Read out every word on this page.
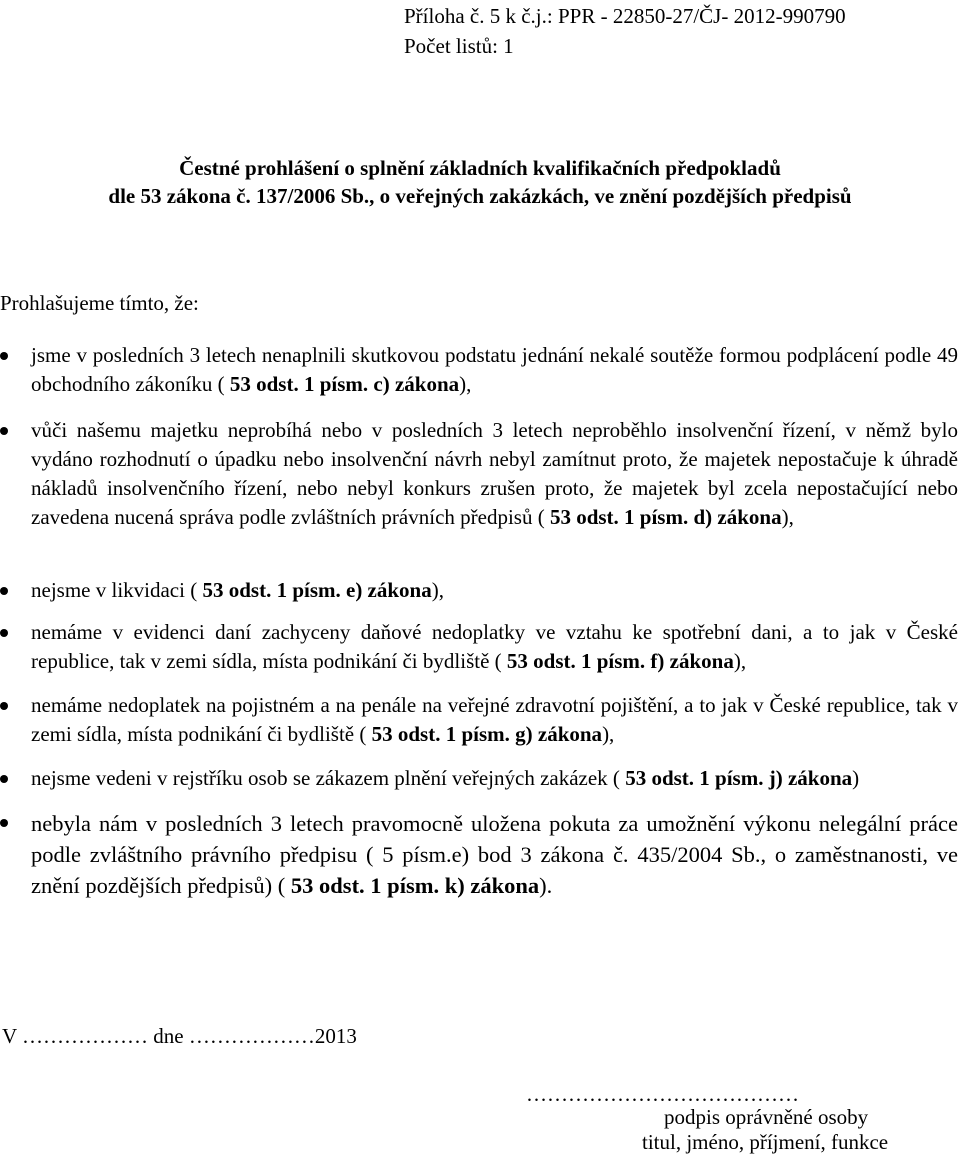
Příloha č. 5 k č.j.: PPR - 22850-27/ČJ- 2012-990790
Počet listů: 1
Čestné prohlášení o splnění základních kvalifikačních předpokladů
dle 53 zákona č. 137/2006 Sb., o veřejných zakázkách, ve znění pozdějších předpisů
Prohlašujeme tímto, že:
jsme v posledních 3 letech nenaplnili skutkovou podstatu jednání nekalé soutěže formou podplácení podle 49 obchodního zákoníku ( 53 odst. 1 písm. c) zákona),
vůči našemu majetku neprobíhá nebo v posledních 3 letech neproběhlo insolvenční řízení, v němž bylo vydáno rozhodnutí o úpadku nebo insolvenční návrh nebyl zamítnut proto, že majetek nepostačuje k úhradě nákladů insolvenčního řízení, nebo nebyl konkurs zrušen proto, že majetek byl zcela nepostačující nebo zavedena nucená správa podle zvláštních právních předpisů ( 53 odst. 1 písm. d) zákona),
nejsme v likvidaci ( 53 odst. 1 písm. e) zákona),
nemáme v evidenci daní zachyceny daňové nedoplatky ve vztahu ke spotřební dani, a to jak v České republice, tak v zemi sídla, místa podnikání či bydliště ( 53 odst. 1 písm. f) zákona),
nemáme nedoplatek na pojistném a na penále na veřejné zdravotní pojištění, a to jak v České republice, tak v zemi sídla, místa podnikání či bydliště ( 53 odst. 1 písm. g) zákona),
nejsme vedeni v rejstříku osob se zákazem plnění veřejných zakázek ( 53 odst. 1 písm. j) zákona)
nebyla nám v posledních 3 letech pravomocně uložena pokuta za umožnění výkonu nelegální práce podle zvláštního právního předpisu ( 5 písm.e) bod 3 zákona č. 435/2004 Sb., o zaměstnanosti, ve znění pozdějších předpisů) ( 53 odst. 1 písm. k) zákona).
V ……………… dne ………………2013
…………………………………
podpis oprávněné osoby
titul, jméno, příjmení, funkce
